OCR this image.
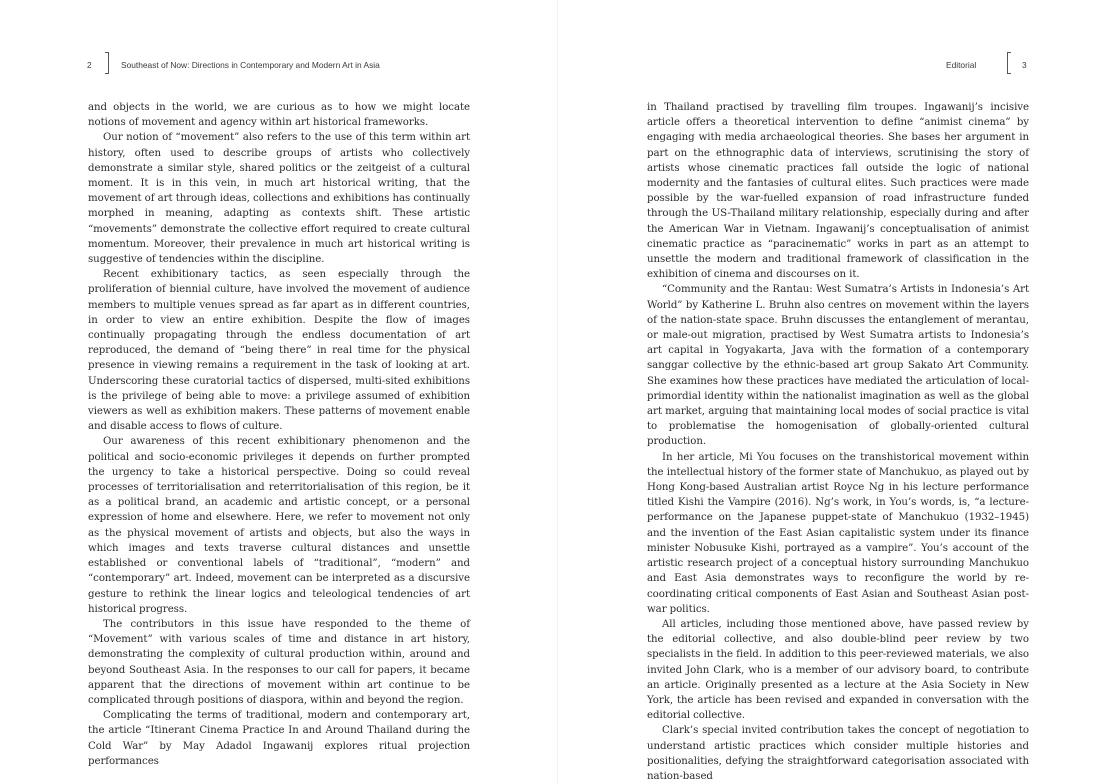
2	Southeast of Now: Directions in Contemporary and Modern Art in Asia

and objects in the world, we are curious as to how we might locate notions of movement and agency within art historical frameworks.

Our notion of “movement” also refers to the use of this term within art history, often used to describe groups of artists who collectively demonstrate a similar style, shared politics or the zeitgeist of a cultural moment. It is in this vein, in much art historical writing, that the movement of art through ideas, collections and exhibitions has continually morphed in meaning, adapting as contexts shift. These artistic “movements” demonstrate the collective effort required to create cultural momentum. Moreover, their prevalence in much art historical writing is suggestive of tendencies within the discipline.

Recent exhibitionary tactics, as seen especially through the proliferation of biennial culture, have involved the movement of audience members to multiple venues spread as far apart as in different countries, in order to view an entire exhibition. Despite the flow of images continually propagating through the endless documentation of art reproduced, the demand of “being there” in real time for the physical presence in viewing remains a requirement in the task of looking at art. Underscoring these curatorial tactics of dispersed, multi-sited exhibitions is the privilege of being able to move: a privilege assumed of exhibition viewers as well as exhibition makers. These patterns of movement enable and disable access to flows of culture.

Our awareness of this recent exhibitionary phenomenon and the political and socio-economic privileges it depends on further prompted the urgency to take a historical perspective. Doing so could reveal processes of territorialisation and reterritorialisation of this region, be it as a political brand, an academic and artistic concept, or a personal expression of home and elsewhere. Here, we refer to movement not only as the physical movement of artists and objects, but also the ways in which images and texts traverse cultural distances and unsettle established or conventional labels of “traditional”, “modern” and “contemporary” art. Indeed, movement can be interpreted as a discursive gesture to rethink the linear logics and teleological tendencies of art historical progress.

The contributors in this issue have responded to the theme of “Movement” with various scales of time and distance in art history, demonstrating the complexity of cultural production within, around and beyond Southeast Asia. In the responses to our call for papers, it became apparent that the directions of movement within art continue to be complicated through positions of diaspora, within and beyond the region.

Complicating the terms of traditional, modern and contemporary art, the article “Itinerant Cinema Practice In and Around Thailand during the Cold War” by May Adadol Ingawanij explores ritual projection performances

Editorial	3

in Thailand practised by travelling film troupes. Ingawanij’s incisive article offers a theoretical intervention to define “animist cinema” by engaging with media archaeological theories. She bases her argument in part on the ethnographic data of interviews, scrutinising the story of artists whose cinematic practices fall outside the logic of national modernity and the fantasies of cultural elites. Such practices were made possible by the war-fuelled expansion of road infrastructure funded through the US-Thailand military relationship, especially during and after the American War in Vietnam. Ingawanij’s conceptualisation of animist cinematic practice as “paracinematic” works in part as an attempt to unsettle the modern and traditional framework of classification in the exhibition of cinema and discourses on it.

“Community and the Rantau: West Sumatra’s Artists in Indonesia’s Art World” by Katherine L. Bruhn also centres on movement within the layers of the nation-state space. Bruhn discusses the entanglement of merantau, or male-out migration, practised by West Sumatra artists to Indonesia’s art capital in Yogyakarta, Java with the formation of a contemporary sanggar collective by the ethnic-based art group Sakato Art Community. She examines how these practices have mediated the articulation of local-primordial identity within the nationalist imagination as well as the global art market, arguing that maintaining local modes of social practice is vital to problematise the homogenisation of globally-oriented cultural production.

In her article, Mi You focuses on the transhistorical movement within the intellectual history of the former state of Manchukuo, as played out by Hong Kong-based Australian artist Royce Ng in his lecture performance titled Kishi the Vampire (2016). Ng’s work, in You’s words, is, “a lecture-performance on the Japanese puppet-state of Manchukuo (1932–1945) and the invention of the East Asian capitalistic system under its finance minister Nobusuke Kishi, portrayed as a vampire”. You’s account of the artistic research project of a conceptual history surrounding Manchukuo and East Asia demonstrates ways to reconfigure the world by re-coordinating critical components of East Asian and Southeast Asian post-war politics.

All articles, including those mentioned above, have passed review by the editorial collective, and also double-blind peer review by two specialists in the field. In addition to this peer-reviewed materials, we also invited John Clark, who is a member of our advisory board, to contribute an article. Originally presented as a lecture at the Asia Society in New York, the article has been revised and expanded in conversation with the editorial collective.

Clark’s special invited contribution takes the concept of negotiation to understand artistic practices which consider multiple histories and positionalities, defying the straightforward categorisation associated with nation-based
